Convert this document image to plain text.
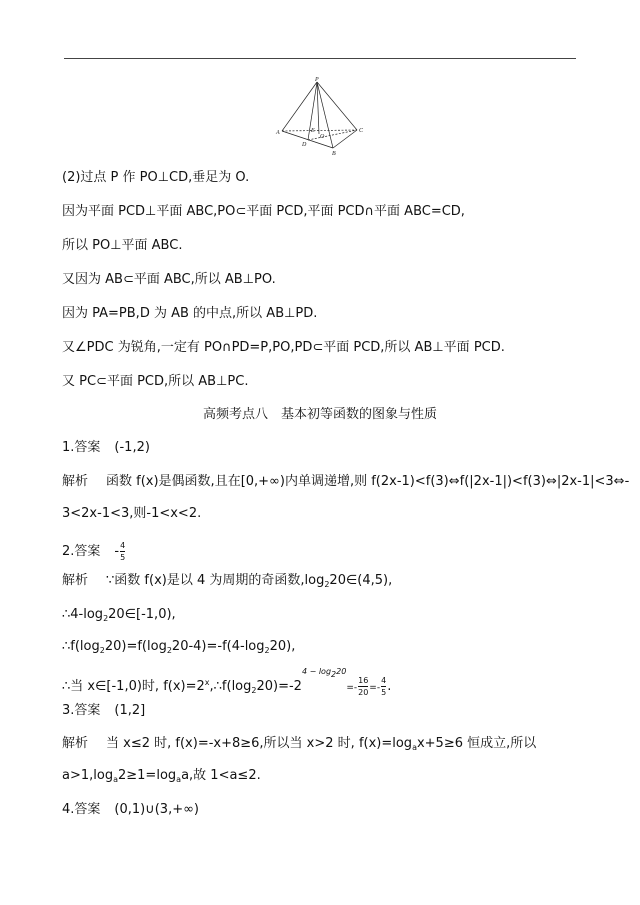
P
A
B
C
D
O
E
(2)过点 P 作 PO⊥CD,垂足为 O.
因为平面 PCD⊥平面 ABC,PO⊂平面 PCD,平面 PCD∩平面 ABC=CD,
所以 PO⊥平面 ABC.
又因为 AB⊂平面 ABC,所以 AB⊥PO.
因为 PA=PB,D 为 AB 的中点,所以 AB⊥PD.
又∠PDC 为锐角,一定有 PO∩PD=P,PO,PD⊂平面 PCD,所以 AB⊥平面 PCD.
又 PC⊂平面 PCD,所以 AB⊥PC.
高频考点八　基本初等函数的图象与性质
1.答案 (-1,2)
解析 函数 f(x)是偶函数,且在[0,+∞)内单调递增,则 f(2x-1)<f(3)⇔f(|2x-1|)<f(3)⇔|2x-1|<3⇔-
3<2x-1<3,则-1<x<2.
2.答案 $-\frac{4}{5}$
解析 ∵函数 f(x)是以 4 为周期的奇函数$,\log_220\in(4,5)$,
$\therefore 4-\log_220\in[-1,0)$,
$\therefore f(\log_220)=f(\log_220-4)=-f(4-\log_220)$,
∴当 x∈[-1,0)时, $f(x)=2^x,\therefore f(\log_220)=-2^{4 - log_220}=-\frac{16}{20} =-\frac{4}{5}$ .
3.答案 (1,2]
解析 当 x≤2 时, f(x)=-x+8≥6,所以当 x>2 时, $f(x)=\log_ax+5\ge 6$ 恒成立,所以
$a>1,\log_a2\ge 1=\log_aa$,故 1<a≤2.
4.答案 (0,1)∪(3,+∞)
